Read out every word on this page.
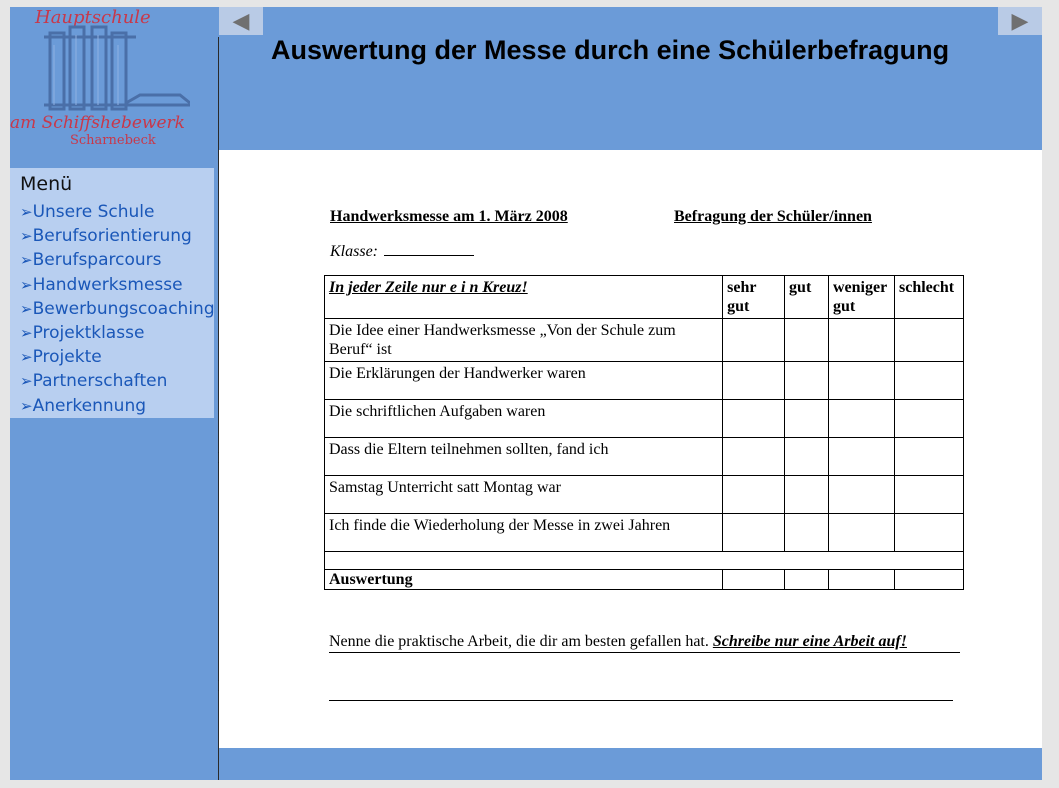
Hauptschule
am Schiffshebewerk
Scharnebeck
Menü
➢Unsere Schule
➢Berufsorientierung
➢Berufsparcours
➢Handwerksmesse
➢Bewerbungscoaching
➢Projektklasse
➢Projekte
➢Partnerschaften
➢Anerkennung
◀	▶
Auswertung der Messe durch eine Schülerbefragung
Handwerksmesse am 1. März 2008	Befragung der Schüler/innen
Klasse:
In jeder Zeile nur e i n Kreuz!	sehr gut	gut	weniger gut	schlecht
Die Idee einer Handwerksmesse „Von der Schule zum Beruf“ ist				
Die Erklärungen der Handwerker waren				
Die schriftlichen Aufgaben waren				
Dass die Eltern teilnehmen sollten, fand ich				
Samstag Unterricht satt Montag war				
Ich finde die Wiederholung der Messe in zwei Jahren				

Auswertung				
Nenne die praktische Arbeit, die dir am besten gefallen hat. Schreibe nur eine Arbeit auf!
